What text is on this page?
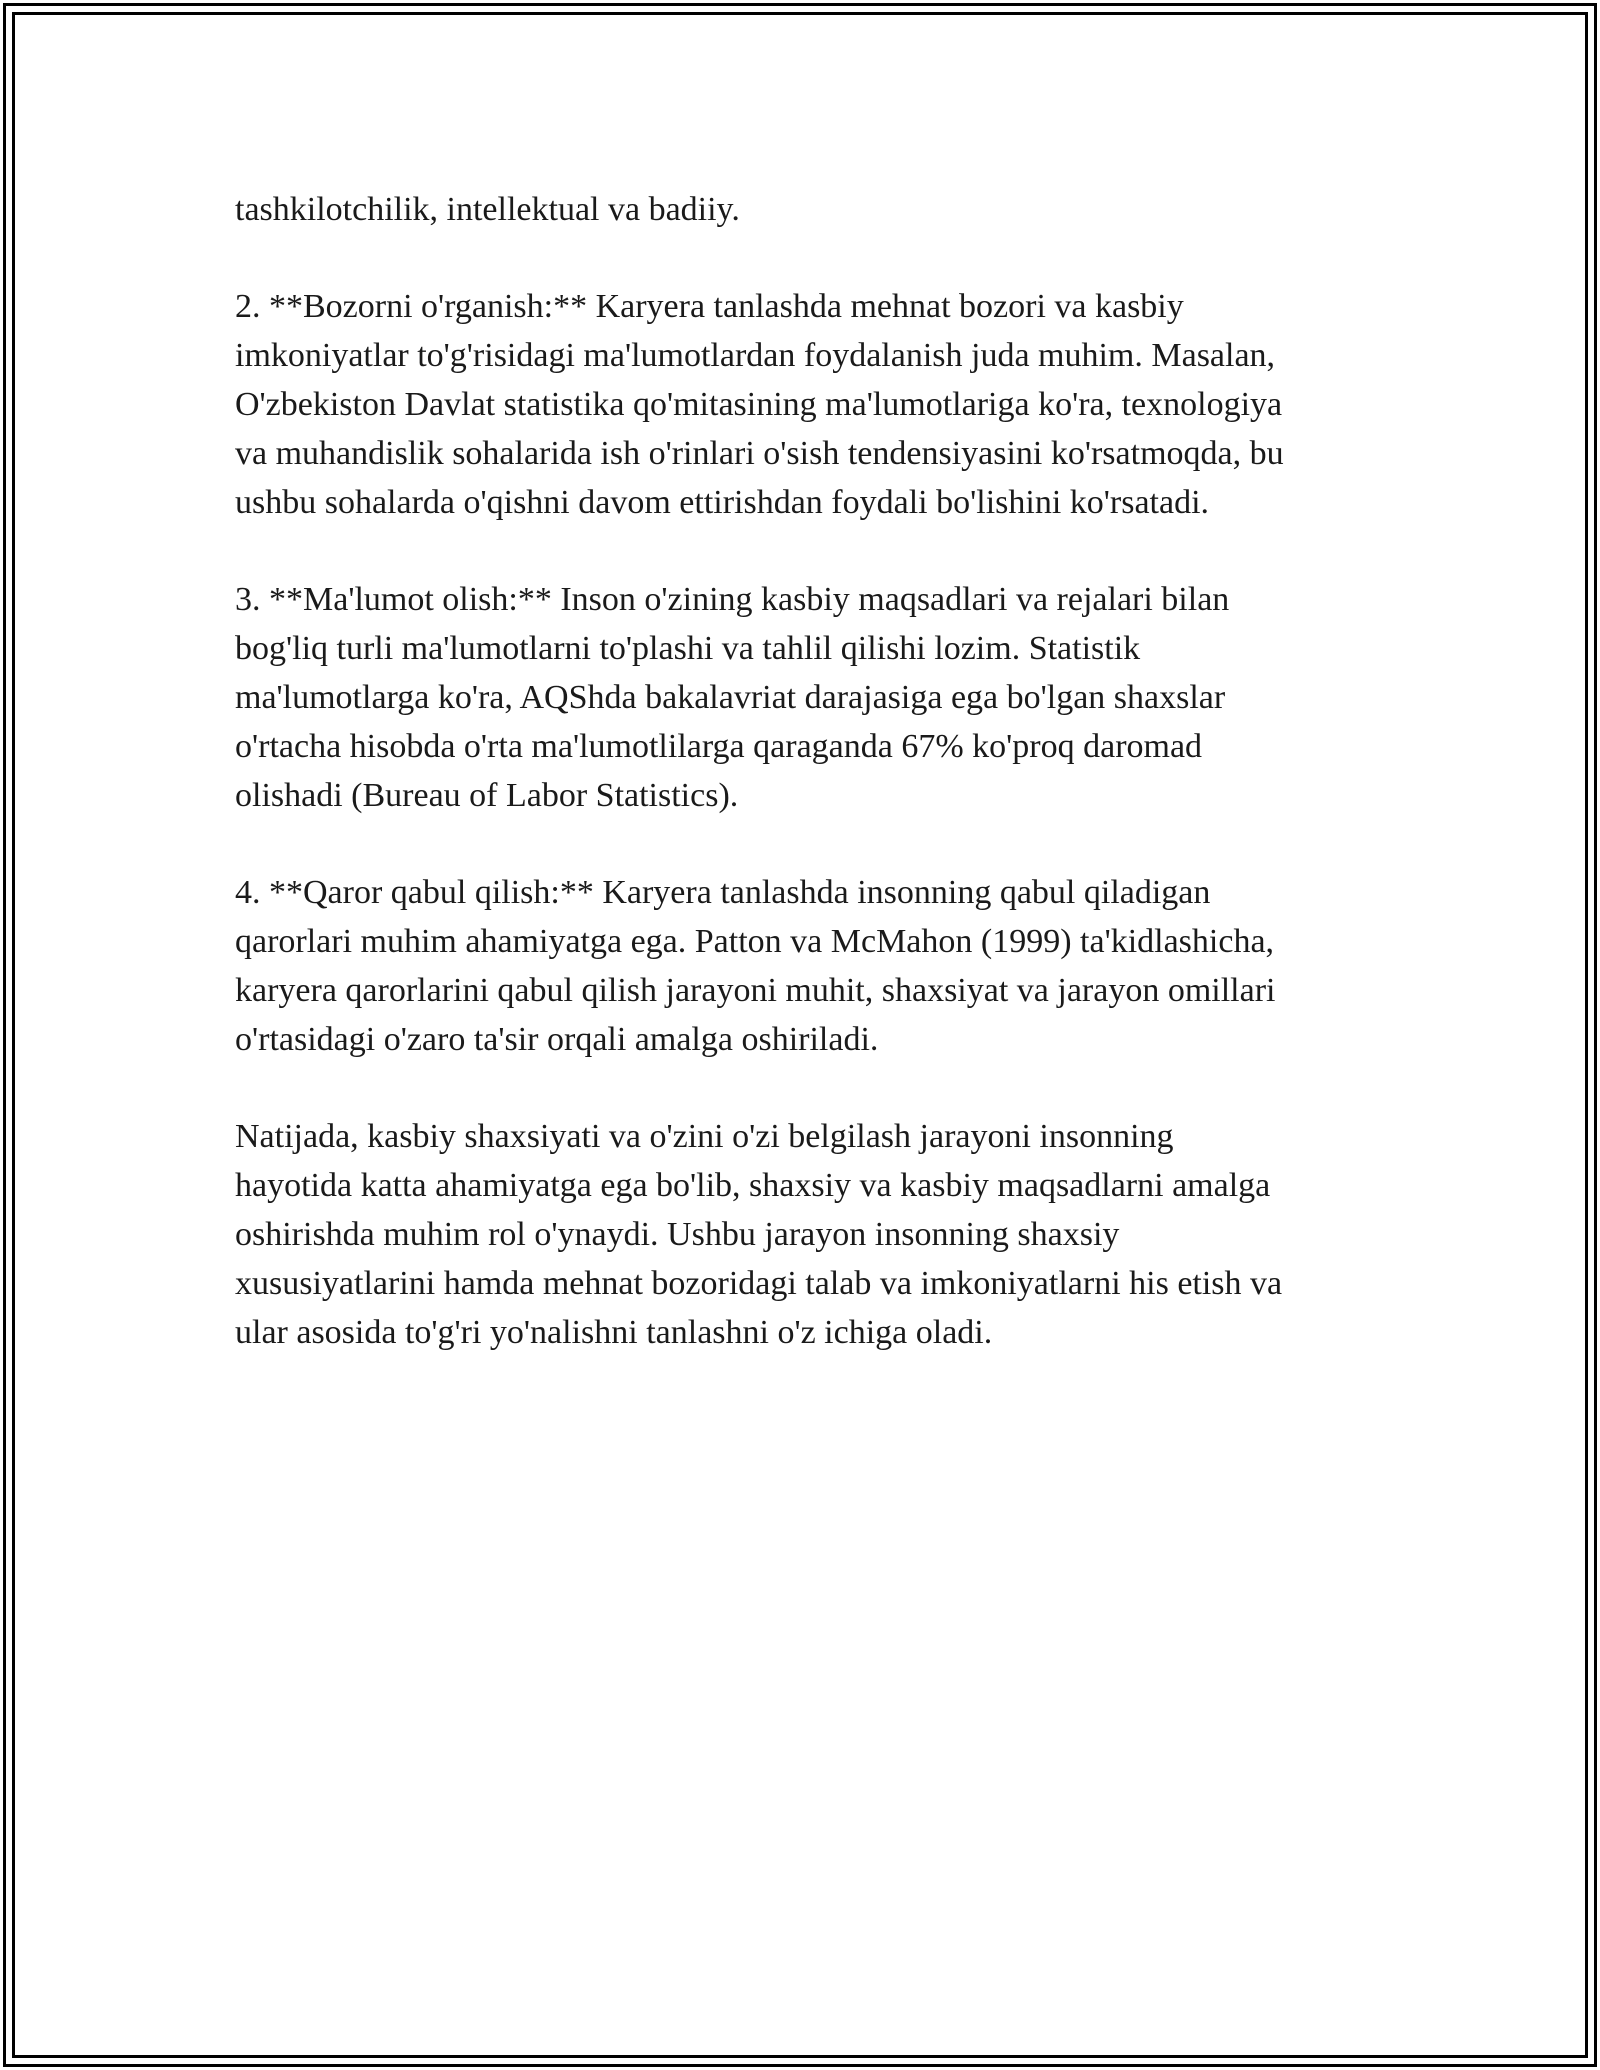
tashkilotchilik, intellektual va badiiy.
2. **Bozorni o'rganish:** Karyera tanlashda mehnat bozori va kasbiy
imkoniyatlar to'g'risidagi ma'lumotlardan foydalanish juda muhim. Masalan,
O'zbekiston Davlat statistika qo'mitasining ma'lumotlariga ko'ra, texnologiya
va muhandislik sohalarida ish o'rinlari o'sish tendensiyasini ko'rsatmoqda, bu
ushbu sohalarda o'qishni davom ettirishdan foydali bo'lishini ko'rsatadi.
3. **Ma'lumot olish:** Inson o'zining kasbiy maqsadlari va rejalari bilan
bog'liq turli ma'lumotlarni to'plashi va tahlil qilishi lozim. Statistik
ma'lumotlarga ko'ra, AQShda bakalavriat darajasiga ega bo'lgan shaxslar
o'rtacha hisobda o'rta ma'lumotlilarga qaraganda 67% ko'proq daromad
olishadi (Bureau of Labor Statistics).
4. **Qaror qabul qilish:** Karyera tanlashda insonning qabul qiladigan
qarorlari muhim ahamiyatga ega. Patton va McMahon (1999) ta'kidlashicha,
karyera qarorlarini qabul qilish jarayoni muhit, shaxsiyat va jarayon omillari
o'rtasidagi o'zaro ta'sir orqali amalga oshiriladi.
Natijada, kasbiy shaxsiyati va o'zini o'zi belgilash jarayoni insonning
hayotida katta ahamiyatga ega bo'lib, shaxsiy va kasbiy maqsadlarni amalga
oshirishda muhim rol o'ynaydi. Ushbu jarayon insonning shaxsiy
xususiyatlarini hamda mehnat bozoridagi talab va imkoniyatlarni his etish va
ular asosida to'g'ri yo'nalishni tanlashni o'z ichiga oladi.
